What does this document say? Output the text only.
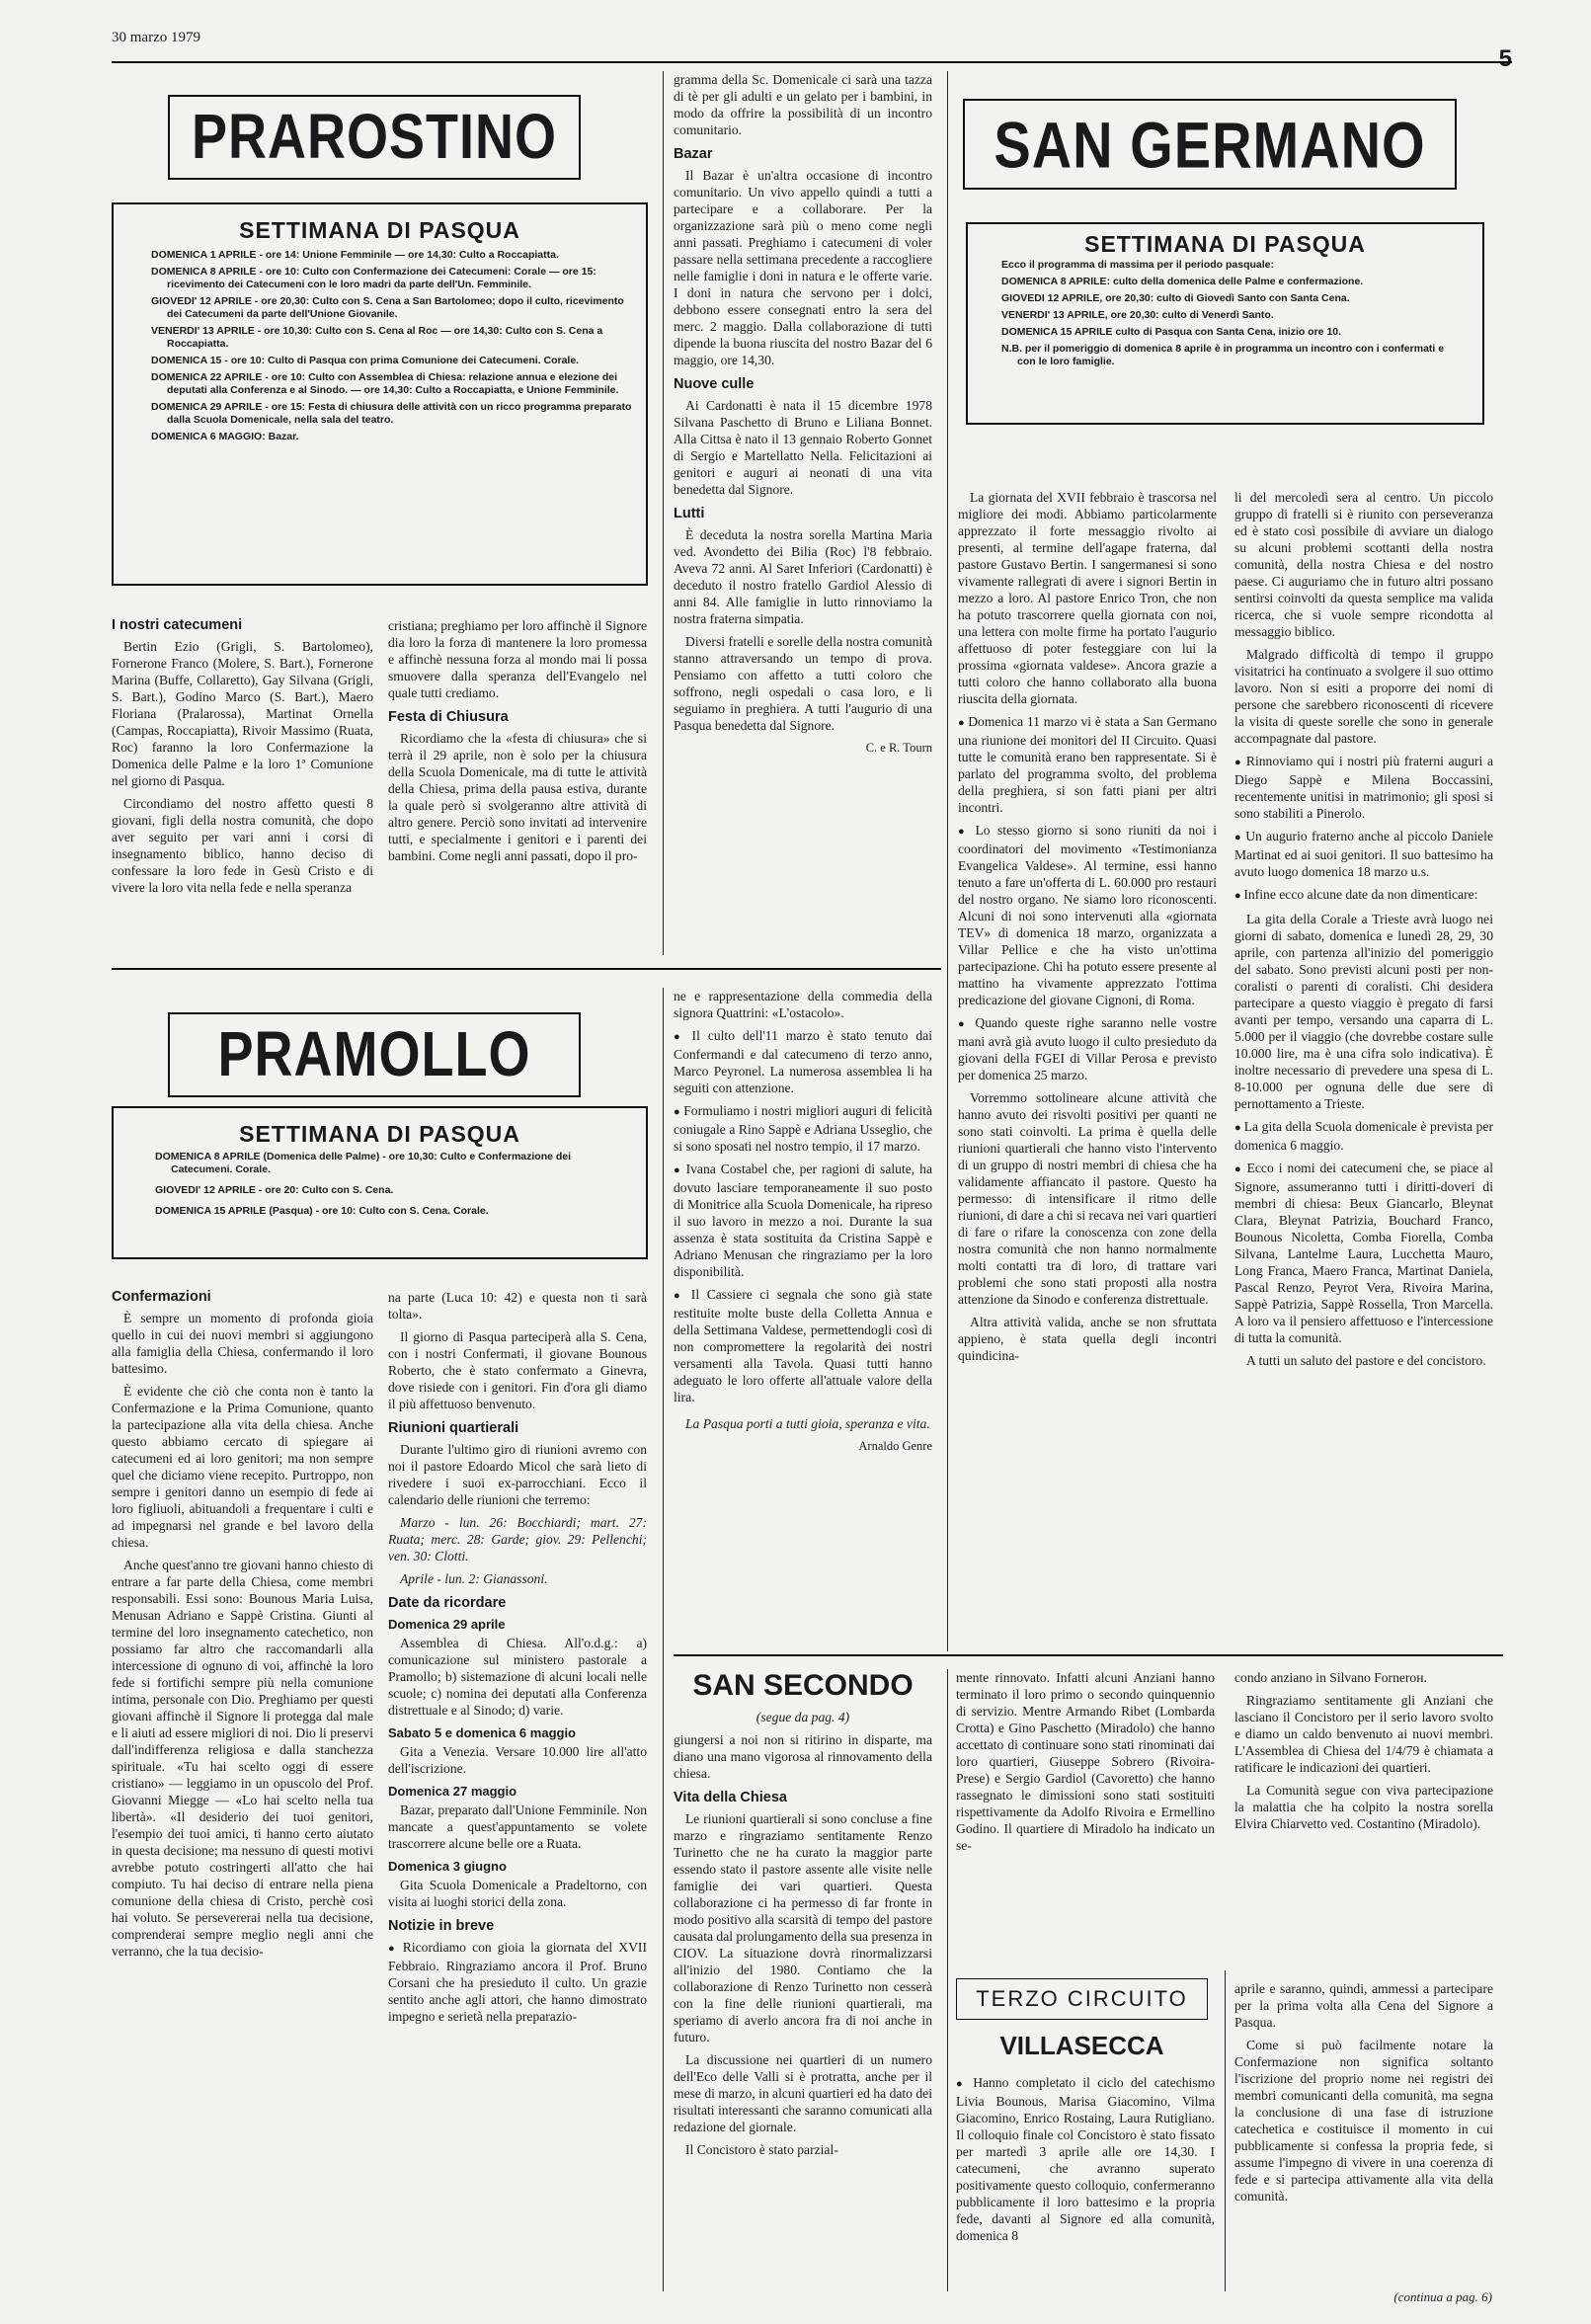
30 marzo 1979
5
PRAROSTINO
SETTIMANA DI PASQUA
DOMENICA 1 APRILE - ore 14: Unione Femminile — ore 14,30: Culto a Roccapiatta.
DOMENICA 8 APRILE - ore 10: Culto con Confermazione dei Catecumeni: Corale — ore 15: ricevimento dei Catecumeni con le loro madri da parte dell'Un. Femminile.
GIOVEDI' 12 APRILE - ore 20,30: Culto con S. Cena a San Bartolomeo; dopo il culto, ricevimento dei Catecumeni da parte dell'Unione Giovanile.
VENERDI' 13 APRILE - ore 10,30: Culto con S. Cena al Roc — ore 14,30: Culto con S. Cena a Roccapiatta.
DOMENICA 15 - ore 10: Culto di Pasqua con prima Comunione dei Catecumeni. Corale.
DOMENICA 22 APRILE - ore 10: Culto con Assemblea di Chiesa: relazione annua e elezione dei deputati alla Conferenza e al Sinodo. — ore 14,30: Culto a Roccapiatta, e Unione Femminile.
DOMENICA 29 APRILE - ore 15: Festa di chiusura delle attività con un ricco programma preparato dalla Scuola Domenicale, nella sala del teatro.
DOMENICA 6 MAGGIO: Bazar.
I nostri catecumeni

Bertin Ezio (Grigli, S. Bartolomeo), Fornerone Franco (Molere, S. Bart.), Fornerone Marina (Buffe, Collaretto), Gay Silvana (Grigli, S. Bart.), Godino Marco (S. Bart.), Maero Floriana (Pralarossa), Martinat Ornella (Campas, Roccapiatta), Rivoir Massimo (Ruata, Roc) faranno la loro Confermazione la Domenica delle Palme e la loro 1ª Comunione nel giorno di Pasqua.

Circondiamo del nostro affetto questi 8 giovani, figli della nostra comunità, che dopo aver seguito per vari anni i corsi di insegnamento biblico, hanno deciso di confessare la loro fede in Gesù Cristo e di vivere la loro vita nella fede e nella speranza

cristiana; preghiamo per loro affinchè il Signore dia loro la forza di mantenere la loro promessa e affinchè nessuna forza al mondo mai li possa smuovere dalla speranza dell'Evangelo nel quale tutti crediamo.

Festa di Chiusura

Ricordiamo che la «festa di chiusura» che si terrà il 29 aprile, non è solo per la chiusura della Scuola Domenicale, ma di tutte le attività della Chiesa, prima della pausa estiva, durante la quale però si svolgeranno altre attività di altro genere. Perciò sono invitati ad intervenire tutti, e specialmente i genitori e i parenti dei bambini. Come negli anni passati, dopo il pro-

gramma della Sc. Domenicale ci sarà una tazza di tè per gli adulti e un gelato per i bambini, in modo da offrire la possibilità di un incontro comunitario.

Bazar

Il Bazar è un'altra occasione di incontro comunitario. Un vivo appello quindi a tutti a partecipare e a collaborare. Per la organizzazione sarà più o meno come negli anni passati. Preghiamo i catecumeni di voler passare nella settimana precedente a raccogliere nelle famiglie i doni in natura e le offerte varie. I doni in natura che servono per i dolci, debbono essere consegnati entro la sera del merc. 2 maggio. Dalla collaborazione di tutti dipende la buona riuscita del nostro Bazar del 6 maggio, ore 14,30.

Nuove culle

Ai Cardonatti è nata il 15 dicembre 1978 Silvana Paschetto di Bruno e Liliana Bonnet. Alla Cittsa è nato il 13 gennaio Roberto Gonnet di Sergio e Martellatto Nella. Felicitazioni ai genitori e auguri ai neonati di una vita benedetta dal Signore.

Lutti

È deceduta la nostra sorella Martina Maria ved. Avondetto dei Bilia (Roc) l'8 febbraio. Aveva 72 anni. Al Saret Inferiori (Cardonatti) è deceduto il nostro fratello Gardiol Alessio di anni 84. Alle famiglie in lutto rinnoviamo la nostra fraterna simpatia.

Diversi fratelli e sorelle della nostra comunità stanno attraversando un tempo di prova. Pensiamo con affetto a tutti coloro che soffrono, negli ospedali o casa loro, e li seguiamo in preghiera. A tutti l'augurio di una Pasqua benedetta dal Signore.

C. e R. Tourn

SAN GERMANO
SETTIMANA DI PASQUA
Ecco il programma di massima per il periodo pasquale:
DOMENICA 8 APRILE: culto della domenica delle Palme e confermazione.
GIOVEDI 12 APRILE, ore 20,30: culto di Giovedì Santo con Santa Cena.
VENERDI' 13 APRILE, ore 20,30: culto di Venerdì Santo.
DOMENICA 15 APRILE culto di Pasqua con Santa Cena, inizio ore 10.
N.B. per il pomeriggio di domenica 8 aprile è in programma un incontro con i confermati e con le loro famiglie.

La giornata del XVII febbraio è trascorsa nel migliore dei modi. Abbiamo particolarmente apprezzato il forte messaggio rivolto ai presenti, al termine dell'agape fraterna, dal pastore Gustavo Bertin. I sangermanesi si sono vivamente rallegrati di avere i signori Bertin in mezzo a loro. Al pastore Enrico Tron, che non ha potuto trascorrere quella giornata con noi, una lettera con molte firme ha portato l'augurio affettuoso di poter festeggiare con lui la prossima «giornata valdese». Ancora grazie a tutti coloro che hanno collaborato alla buona riuscita della giornata.

● Domenica 11 marzo vi è stata a San Germano una riunione dei monitori del II Circuito. Quasi tutte le comunità erano ben rappresentate. Si è parlato del programma svolto, del problema della preghiera, si son fatti piani per altri incontri.

● Lo stesso giorno si sono riuniti da noi i coordinatori del movimento «Testimonianza Evangelica Valdese». Al termine, essi hanno tenuto a fare un'offerta di L. 60.000 pro restauri del nostro organo. Ne siamo loro riconoscenti. Alcuni di noi sono intervenuti alla «giornata TEV» di domenica 18 marzo, organizzata a Villar Pellice e che ha visto un'ottima partecipazione. Chi ha potuto essere presente al mattino ha vivamente apprezzato l'ottima predicazione del giovane Cignoni, di Roma.

● Quando queste righe saranno nelle vostre mani avrà già avuto luogo il culto presieduto da giovani della FGEI di Villar Perosa e previsto per domenica 25 marzo.

Vorremmo sottolineare alcune attività che hanno avuto dei risvolti positivi per quanti ne sono stati coinvolti. La prima è quella delle riunioni quartierali che hanno visto l'intervento di un gruppo di nostri membri di chiesa che ha validamente affiancato il pastore. Questo ha permesso: di intensificare il ritmo delle riunioni, di dare a chi si recava nei vari quartieri di fare o rifare la conoscenza con zone della nostra comunità che non hanno normalmente molti contatti tra di loro, di trattare vari problemi che sono stati proposti alla nostra attenzione da Sinodo e conferenza distrettuale.

Altra attività valida, anche se non sfruttata appieno, è stata quella degli incontri quindicina-

li del mercoledì sera al centro. Un piccolo gruppo di fratelli si è riunito con perseveranza ed è stato così possibile di avviare un dialogo su alcuni problemi scottanti della nostra comunità, della nostra Chiesa e del nostro paese. Ci auguriamo che in futuro altri possano sentirsi coinvolti da questa semplice ma valida ricerca, che si vuole sempre ricondotta al messaggio biblico.

Malgrado difficoltà di tempo il gruppo visitatrici ha continuato a svolgere il suo ottimo lavoro. Non si esiti a proporre dei nomi di persone che sarebbero riconoscenti di ricevere la visita di queste sorelle che sono in generale accompagnate dal pastore.

● Rinnoviamo qui i nostri più fraterni auguri a Diego Sappè e Milena Boccassini, recentemente unitisi in matrimonio; gli sposi si sono stabiliti a Pinerolo.

● Un augurio fraterno anche al piccolo Daniele Martinat ed ai suoi genitori. Il suo battesimo ha avuto luogo domenica 18 marzo u.s.

● Infine ecco alcune date da non dimenticare:

La gita della Corale a Trieste avrà luogo nei giorni di sabato, domenica e lunedì 28, 29, 30 aprile, con partenza all'inizio del pomeriggio del sabato. Sono previsti alcuni posti per non-coralisti o parenti di coralisti. Chi desidera partecipare a questo viaggio è pregato di farsi avanti per tempo, versando una caparra di L. 5.000 per il viaggio (che dovrebbe costare sulle 10.000 lire, ma è una cifra solo indicativa). È inoltre necessario di prevedere una spesa di L. 8-10.000 per ognuna delle due sere di pernottamento a Trieste.

● La gita della Scuola domenicale è prevista per domenica 6 maggio.

● Ecco i nomi dei catecumeni che, se piace al Signore, assumeranno tutti i diritti-doveri di membri di chiesa: Beux Giancarlo, Bleynat Clara, Bleynat Patrizia, Bouchard Franco, Bounous Nicoletta, Comba Fiorella, Comba Silvana, Lantelme Laura, Lucchetta Mauro, Long Franca, Maero Franca, Martinat Daniela, Pascal Renzo, Peyrot Vera, Rivoira Marina, Sappè Patrizia, Sappè Rossella, Tron Marcella. A loro va il pensiero affettuoso e l'intercessione di tutta la comunità.

A tutti un saluto del pastore e del concistoro.

PRAMOLLO
SETTIMANA DI PASQUA
DOMENICA 8 APRILE (Domenica delle Palme) - ore 10,30: Culto e Confermazione dei Catecumeni. Corale.
GIOVEDI' 12 APRILE - ore 20: Culto con S. Cena.
DOMENICA 15 APRILE (Pasqua) - ore 10: Culto con S. Cena. Corale.

ne e rappresentazione della commedia della signora Quattrini: «L'ostacolo».

● Il culto dell'11 marzo è stato tenuto dai Confermandi e dal catecumeno di terzo anno, Marco Peyronel. La numerosa assemblea li ha seguiti con attenzione.

● Formuliamo i nostri migliori auguri di felicità coniugale a Rino Sappè e Adriana Usseglio, che si sono sposati nel nostro tempio, il 17 marzo.

● Ivana Costabel che, per ragioni di salute, ha dovuto lasciare temporaneamente il suo posto di Monitrice alla Scuola Domenicale, ha ripreso il suo lavoro in mezzo a noi. Durante la sua assenza è stata sostituita da Cristina Sappè e Adriano Menusan che ringraziamo per la loro disponibilità.

● Il Cassiere ci segnala che sono già state restituite molte buste della Colletta Annua e della Settimana Valdese, permettendogli così di non compromettere la regolarità dei nostri versamenti alla Tavola. Quasi tutti hanno adeguato le loro offerte all'attuale valore della lira.

La Pasqua porti a tutti gioia, speranza e vita.

Arnaldo Genre

Confermazioni

È sempre un momento di profonda gioia quello in cui dei nuovi membri si aggiungono alla famiglia della Chiesa, confermando il loro battesimo.

È evidente che ciò che conta non è tanto la Confermazione e la Prima Comunione, quanto la partecipazione alla vita della chiesa. Anche questo abbiamo cercato di spiegare ai catecumeni ed ai loro genitori; ma non sempre quel che diciamo viene recepito. Purtroppo, non sempre i genitori danno un esempio di fede ai loro figliuoli, abituandoli a frequentare i culti e ad impegnarsi nel grande e bel lavoro della chiesa.

Anche quest'anno tre giovani hanno chiesto di entrare a far parte della Chiesa, come membri responsabili. Essi sono: Bounous Maria Luisa, Menusan Adriano e Sappè Cristina. Giunti al termine del loro insegnamento catechetico, non possiamo far altro che raccomandarli alla intercessione di ognuno di voi, affinchè la loro fede si fortifichi sempre più nella comunione intima, personale con Dio. Preghiamo per questi giovani affinchè il Signore li protegga dal male e li aiuti ad essere migliori di noi. Dio li preservi dall'indifferenza religiosa e dalla stanchezza spirituale. «Tu hai scelto oggi di essere cristiano» — leggiamo in un opuscolo del Prof. Giovanni Miegge — «Lo hai scelto nella tua libertà». «Il desiderio dei tuoi genitori, l'esempio dei tuoi amici, ti hanno certo aiutato in questa decisione; ma nessuno di questi motivi avrebbe potuto costringerti all'atto che hai compiuto. Tu hai deciso di entrare nella piena comunione della chiesa di Cristo, perchè così hai voluto. Se persevererai nella tua decisione, comprenderai sempre meglio negli anni che verranno, che la tua decisio-

na parte (Luca 10: 42) e questa non ti sarà tolta».

Il giorno di Pasqua parteciperà alla S. Cena, con i nostri Confermati, il giovane Bounous Roberto, che è stato confermato a Ginevra, dove risiede con i genitori. Fin d'ora gli diamo il più affettuoso benvenuto.

Riunioni quartierali

Durante l'ultimo giro di riunioni avremo con noi il pastore Edoardo Micol che sarà lieto di rivedere i suoi ex-parrocchiani. Ecco il calendario delle riunioni che terremo:

Marzo - lun. 26: Bocchiardi; mart. 27: Ruata; merc. 28: Garde; giov. 29: Pellenchi; ven. 30: Clotti.

Aprile - lun. 2: Gianassoni.

Date da ricordare
Domenica 29 aprile

Assemblea di Chiesa. All'o.d.g.: a) comunicazione sul ministero pastorale a Pramollo; b) sistemazione di alcuni locali nelle scuole; c) nomina dei deputati alla Conferenza distrettuale e al Sinodo; d) varie.

Sabato 5 e domenica 6 maggio

Gita a Venezia. Versare 10.000 lire all'atto dell'iscrizione.

Domenica 27 maggio

Bazar, preparato dall'Unione Femminile. Non mancate a quest'appuntamento se volete trascorrere alcune belle ore a Ruata.

Domenica 3 giugno

Gita Scuola Domenicale a Pradeltorno, con visita ai luoghi storici della zona.

Notizie in breve

● Ricordiamo con gioia la giornata del XVII Febbraio. Ringraziamo ancora il Prof. Bruno Corsani che ha presieduto il culto. Un grazie sentito anche agli attori, che hanno dimostrato impegno e serietà nella preparazio-

SAN SECONDO

(segue da pag. 4)

giungersi a noi non si ritirino in disparte, ma diano una mano vigorosa al rinnovamento della chiesa.

Vita della Chiesa

Le riunioni quartierali si sono concluse a fine marzo e ringraziamo sentitamente Renzo Turinetto che ne ha curato la maggior parte essendo stato il pastore assente alle visite nelle famiglie dei vari quartieri. Questa collaborazione ci ha permesso di far fronte in modo positivo alla scarsità di tempo del pastore causata dal prolungamento della sua presenza in CIOV. La situazione dovrà rinormalizzarsi all'inizio del 1980. Contiamo che la collaborazione di Renzo Turinetto non cesserà con la fine delle riunioni quartierali, ma speriamo di averlo ancora fra di noi anche in futuro.

La discussione nei quartieri di un numero dell'Eco delle Valli si è protratta, anche per il mese di marzo, in alcuni quartieri ed ha dato dei risultati interessanti che saranno comunicati alla redazione del giornale.

Il Concistoro è stato parzial-

mente rinnovato. Infatti alcuni Anziani hanno terminato il loro primo o secondo quinquennio di servizio. Mentre Armando Ribet (Lombarda Crotta) e Gino Paschetto (Miradolo) che hanno accettato di continuare sono stati rinominati dai loro quartieri, Giuseppe Sobrero (Rivoira-Prese) e Sergio Gardiol (Cavoretto) che hanno rassegnato le dimissioni sono stati sostituiti rispettivamente da Adolfo Rivoira e Ermellino Godino. Il quartiere di Miradolo ha indicato un se-

condo anziano in Silvano Fornerон.

Ringraziamo sentitamente gli Anziani che lasciano il Concistoro per il serio lavoro svolto e diamo un caldo benvenuto ai nuovi membri. L'Assemblea di Chiesa del 1/4/79 è chiamata a ratificare le indicazioni dei quartieri.

La Comunità segue con viva partecipazione la malattia che ha colpito la nostra sorella Elvira Chiarvetto ved. Costantino (Miradolo).

TERZO CIRCUITO
VILLASECCA

● Hanno completato il ciclo del catechismo Livia Bounous, Marisa Giacomino, Vilma Giacomino, Enrico Rostaing, Laura Rutigliano. Il colloquio finale col Concistoro è stato fissato per martedì 3 aprile alle ore 14,30. I catecumeni, che avranno superato positivamente questo colloquio, confermeranno pubblicamente il loro battesimo e la propria fede, davanti al Signore ed alla comunità, domenica 8

aprile e saranno, quindi, ammessi a partecipare per la prima volta alla Cena del Signore a Pasqua.

Come si può facilmente notare la Confermazione non significa soltanto l'iscrizione del proprio nome nei registri dei membri comunicanti della comunità, ma segna la conclusione di una fase di istruzione catechetica e costituisce il momento in cui pubblicamente si confessa la propria fede, si assume l'impegno di vivere in una coerenza di fede e si partecipa attivamente alla vita della comunità.

(continua a pag. 6)
